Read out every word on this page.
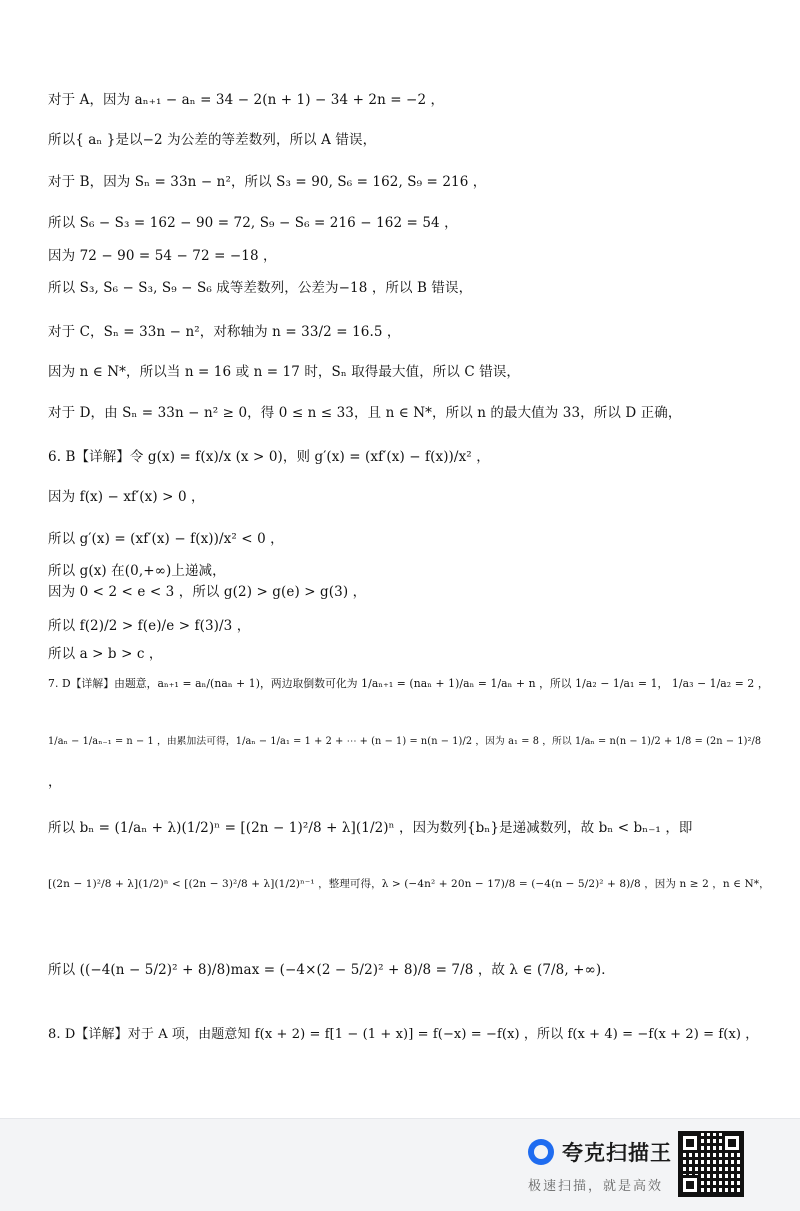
对于 A，因为 aₙ₊₁ − aₙ = 34 − 2(n + 1) − 34 + 2n = −2 ，
所以{ aₙ }是以−2 为公差的等差数列，所以 A 错误，
对于 B，因为 Sₙ = 33n − n²，所以 S₃ = 90, S₆ = 162, S₉ = 216 ，
所以 S₆ − S₃ = 162 − 90 = 72, S₉ − S₆ = 216 − 162 = 54 ，
因为 72 − 90 = 54 − 72 = −18 ，
所以 S₃, S₆ − S₃, S₉ − S₆ 成等差数列，公差为−18 ，所以 B 错误，
对于 C，Sₙ = 33n − n²，对称轴为 n = 33/2 = 16.5 ，
因为 n ∈ N*，所以当 n = 16 或 n = 17 时，Sₙ 取得最大值，所以 C 错误，
对于 D，由 Sₙ = 33n − n² ≥ 0，得 0 ≤ n ≤ 33，且 n ∈ N*，所以 n 的最大值为 33，所以 D 正确，
6. B【详解】令 g(x) = f(x)/x (x > 0)，则 g′(x) = (xf′(x) − f(x))/x² ，
因为 f(x) − xf′(x) > 0 ，
所以 g′(x) = (xf′(x) − f(x))/x² < 0 ，
所以 g(x) 在(0,+∞)上递减，
因为 0 < 2 < e < 3 ，所以 g(2) > g(e) > g(3) ，
所以 f(2)/2 > f(e)/e > f(3)/3 ，
所以 a > b > c ，
7. D【详解】由题意，aₙ₊₁ = aₙ/(naₙ + 1)，两边取倒数可化为 1/aₙ₊₁ = (naₙ + 1)/aₙ = 1/aₙ + n ，所以 1/a₂ − 1/a₁ = 1， 1/a₃ − 1/a₂ = 2 ，
1/aₙ − 1/aₙ₋₁ = n − 1 ，由累加法可得，1/aₙ − 1/a₁ = 1 + 2 + ⋯ + (n − 1) = n(n − 1)/2 ，因为 a₁ = 8 ，所以 1/aₙ = n(n − 1)/2 + 1/8 = (2n − 1)²/8
，
所以 bₙ = (1/aₙ + λ)(1/2)ⁿ = [(2n − 1)²/8 + λ](1/2)ⁿ ，因为数列{bₙ}是递减数列，故 bₙ < bₙ₋₁ ，即
[(2n − 1)²/8 + λ](1/2)ⁿ < [(2n − 3)²/8 + λ](1/2)ⁿ⁻¹ ，整理可得，λ > (−4n² + 20n − 17)/8 = (−4(n − 5/2)² + 8)/8 ，因为 n ≥ 2 ，n ∈ N*，
所以 ((−4(n − 5/2)² + 8)/8)max = (−4×(2 − 5/2)² + 8)/8 = 7/8 ，故 λ ∈ (7/8, +∞)．
8. D【详解】对于 A 项，由题意知 f(x + 2) = f[1 − (1 + x)] = f(−x) = −f(x) ，所以 f(x + 4) = −f(x + 2) = f(x) ，
夸克扫描王
极速扫描，就是高效
